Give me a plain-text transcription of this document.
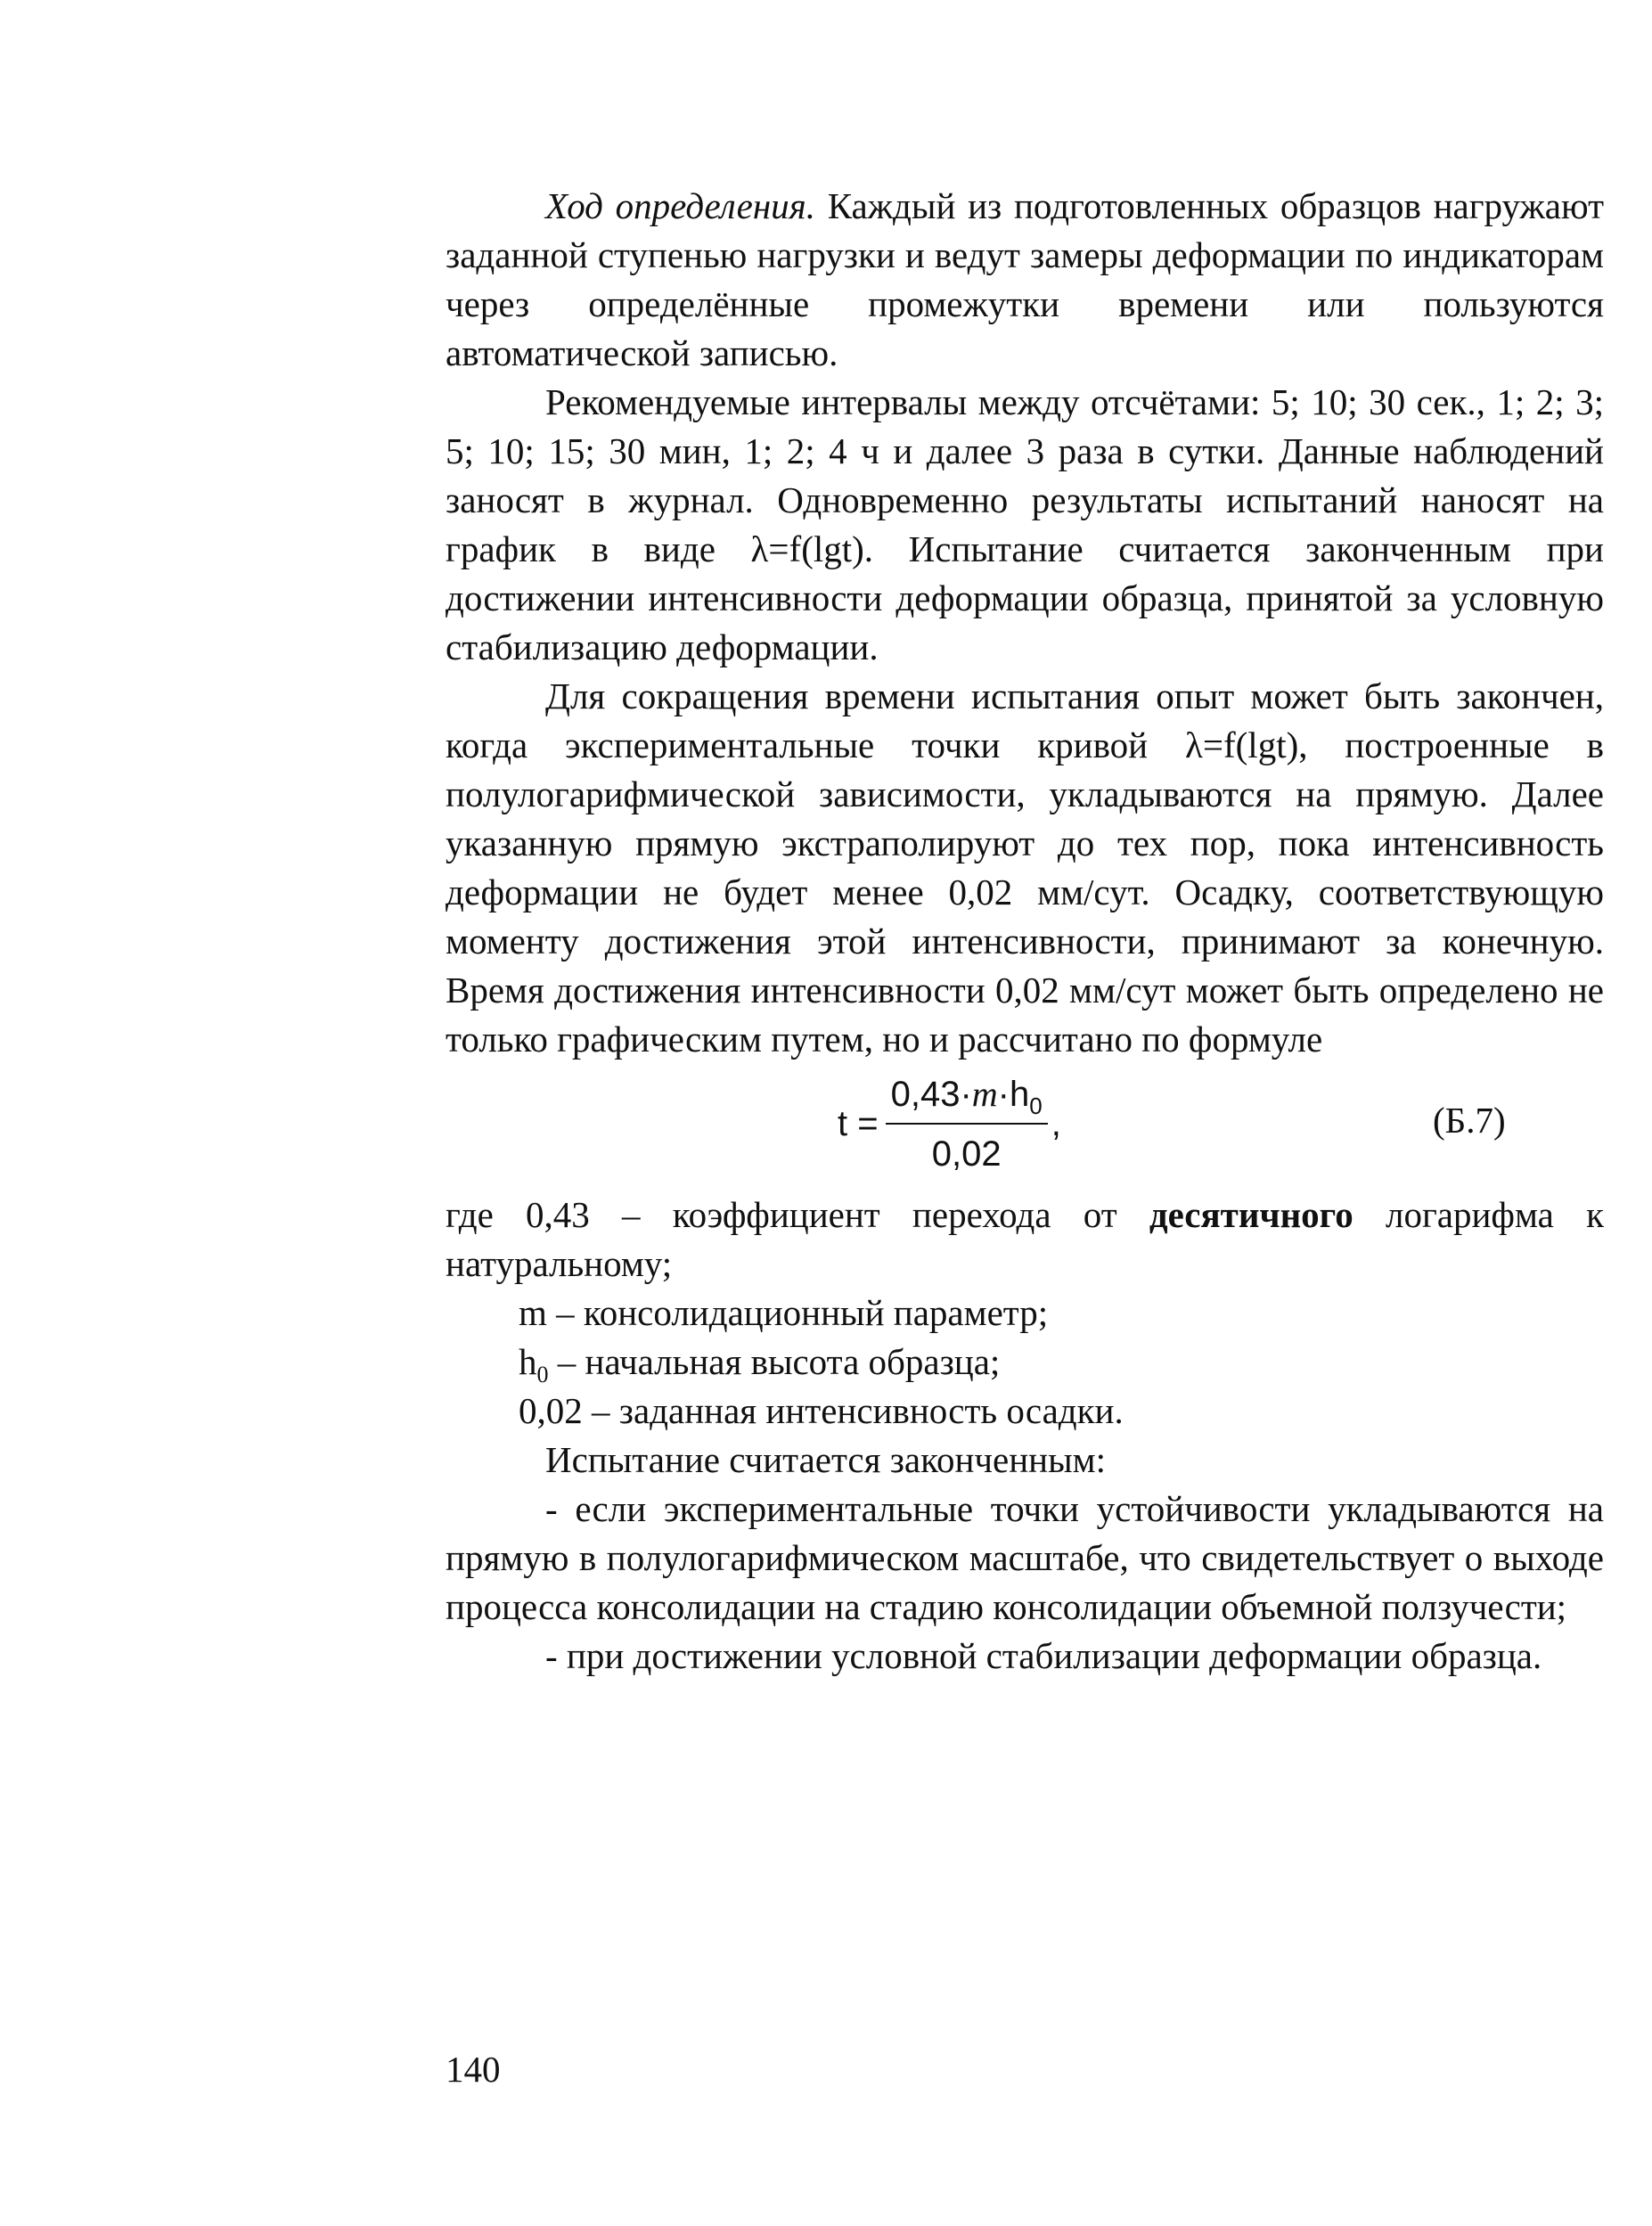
Ход определения. Каждый из подготовленных образцов нагружают заданной ступенью нагрузки и ведут замеры деформации по индикаторам через определённые промежутки времени или пользуются автоматической записью.

Рекомендуемые интервалы между отсчётами: 5; 10; 30 сек., 1; 2; 3; 5; 10; 15; 30 мин, 1; 2; 4 ч и далее 3 раза в сутки. Данные наблюдений заносят в журнал. Одновременно результаты испытаний наносят на график в виде λ=f(lgt). Испытание считается законченным при достижении интенсивности деформации образца, принятой за условную стабилизацию деформации.

Для сокращения времени испытания опыт может быть закончен, когда экспериментальные точки кривой λ=f(lgt), построенные в полулогарифмической зависимости, укладываются на прямую. Далее указанную прямую экстраполируют до тех пор, пока интенсивность деформации не будет менее 0,02 мм/сут. Осадку, соответствующую моменту достижения этой интенсивности, принимают за конечную. Время достижения интенсивности 0,02 мм/сут может быть определено не только графическим путем, но и рассчитано по формуле

$t = \frac{0,43\cdot m\cdot h_0}{0,02}$ ,	(Б.7)

где 0,43 – коэффициент перехода от десятичного логарифма к натуральному;

m – консолидационный параметр;

$h_0$ – начальная высота образца;

0,02 – заданная интенсивность осадки.

Испытание считается законченным:

- если экспериментальные точки устойчивости укладываются на прямую в полулогарифмическом масштабе, что свидетельствует о выходе процесса консолидации на стадию консолидации объемной ползучести;

- при достижении условной стабилизации деформации образца.

140
